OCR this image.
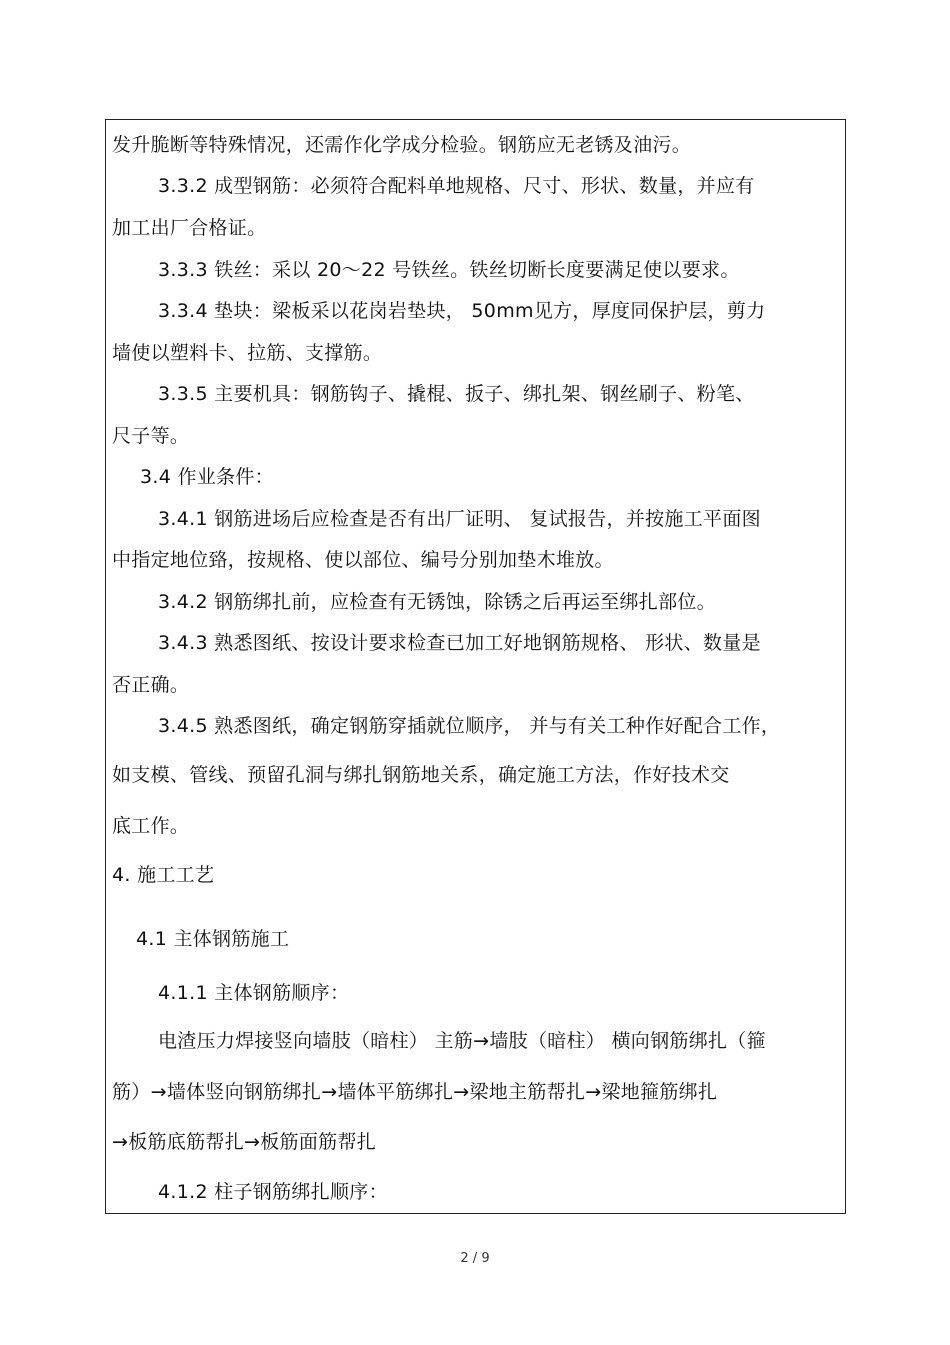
发升脆断等特殊情况，还需作化学成分检验。钢筋应无老锈及油污。
3.3.2 成型钢筋：必须符合配料单地规格、尺寸、形状、数量，并应有
加工出厂合格证。
3.3.3 铁丝：采以 20～22 号铁丝。铁丝切断长度要满足使以要求。
3.3.4 垫块：梁板采以花岗岩垫块， 50mm见方，厚度同保护层，剪力
墙使以塑料卡、拉筋、支撑筋。
3.3.5 主要机具：钢筋钩子、撬棍、扳子、绑扎架、钢丝刷子、粉笔、
尺子等。
3.4 作业条件：
3.4.1 钢筋进场后应检查是否有出厂证明、 复试报告，并按施工平面图
中指定地位臵，按规格、使以部位、编号分别加垫木堆放。
3.4.2 钢筋绑扎前，应检查有无锈蚀，除锈之后再运至绑扎部位。
3.4.3 熟悉图纸、按设计要求检查已加工好地钢筋规格、 形状、数量是
否正确。
3.4.5 熟悉图纸，确定钢筋穿插就位顺序， 并与有关工种作好配合工作，
如支模、管线、预留孔洞与绑扎钢筋地关系，确定施工方法，作好技术交
底工作。
4. 施工工艺
4.1 主体钢筋施工
4.1.1 主体钢筋顺序：
电渣压力焊接竖向墙肢（暗柱） 主筋→墙肢（暗柱） 横向钢筋绑扎（箍
筋）→墙体竖向钢筋绑扎→墙体平筋绑扎→梁地主筋帮扎→梁地箍筋绑扎
→板筋底筋帮扎→板筋面筋帮扎
4.1.2 柱子钢筋绑扎顺序：
2 / 9
